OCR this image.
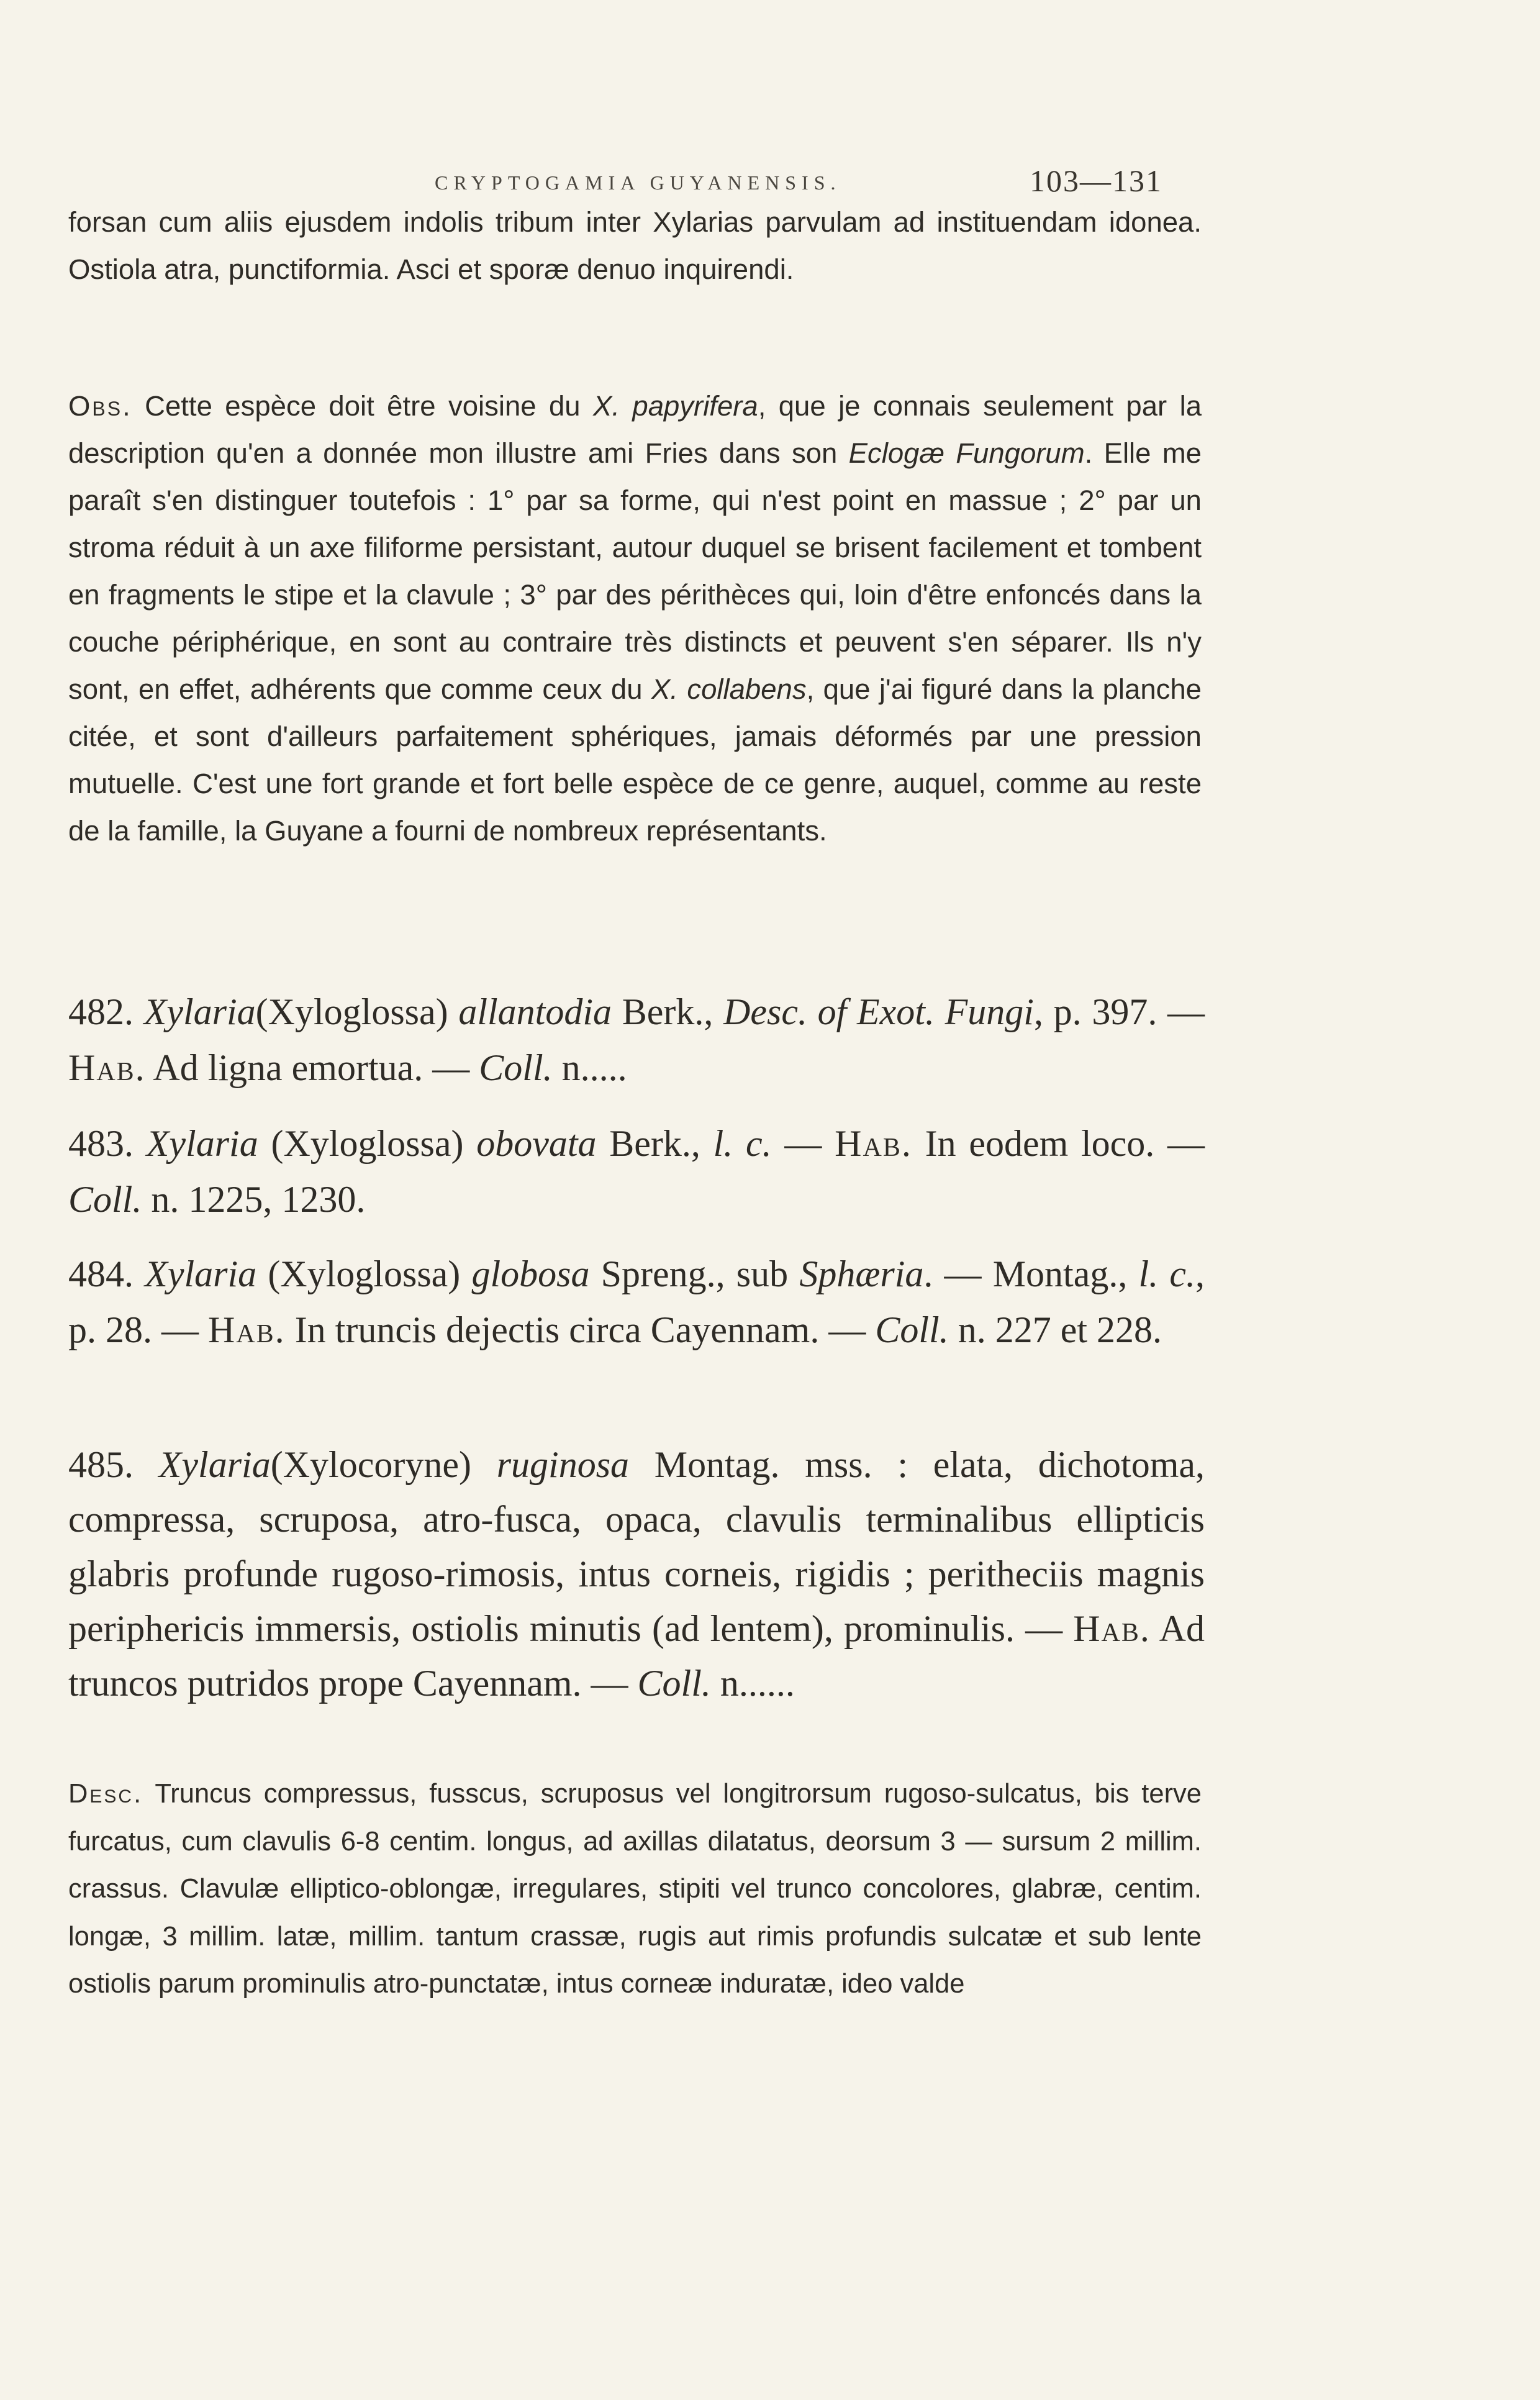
CRYPTOGAMIA GUYANENSIS.	103—131

forsan cum aliis ejusdem indolis tribum inter Xylarias parvulam ad instituendam idonea. Ostiola atra, punctiformia. Asci et sporæ denuo inquirendi.

Obs. Cette espèce doit être voisine du X. papyrifera, que je connais seulement par la description qu'en a donnée mon illustre ami Fries dans son Eclogæ Fungorum. Elle me paraît s'en distinguer toutefois : 1° par sa forme, qui n'est point en massue ; 2° par un stroma réduit à un axe filiforme persistant, autour duquel se brisent facilement et tombent en fragments le stipe et la clavule ; 3° par des périthèces qui, loin d'être enfoncés dans la couche périphérique, en sont au contraire très distincts et peuvent s'en séparer. Ils n'y sont, en effet, adhérents que comme ceux du X. collabens, que j'ai figuré dans la planche citée, et sont d'ailleurs parfaitement sphériques, jamais déformés par une pression mutuelle. C'est une fort grande et fort belle espèce de ce genre, auquel, comme au reste de la famille, la Guyane a fourni de nombreux représentants.

482. Xylaria(Xyloglossa) allantodia Berk., Desc. of Exot. Fungi, p. 397. — Hab. Ad ligna emortua. — Coll. n.....

483. Xylaria (Xyloglossa) obovata Berk., l. c. — Hab. In eodem loco. — Coll. n. 1225, 1230.

484. Xylaria (Xyloglossa) globosa Spreng., sub Sphæria. — Montag., l. c., p. 28. — Hab. In truncis dejectis circa Cayennam. — Coll. n. 227 et 228.

485. Xylaria(Xylocoryne) ruginosa Montag. mss. : elata, dichotoma, compressa, scruposa, atro-fusca, opaca, clavulis terminalibus ellipticis glabris profunde rugoso-rimosis, intus corneis, rigidis ; peritheciis magnis periphericis immersis, ostiolis minutis (ad lentem), prominulis. — Hab. Ad truncos putridos prope Cayennam. — Coll. n......

Desc. Truncus compressus, fusscus, scruposus vel longitrorsum rugoso-sulcatus, bis terve furcatus, cum clavulis 6-8 centim. longus, ad axillas dilatatus, deorsum 3 — sursum 2 millim. crassus. Clavulæ elliptico-oblongæ, irregulares, stipiti vel trunco concolores, glabræ, centim. longæ, 3 millim. latæ, millim. tantum crassæ, rugis aut rimis profundis sulcatæ et sub lente ostiolis parum prominulis atro-punctatæ, intus corneæ induratæ, ideo valde
